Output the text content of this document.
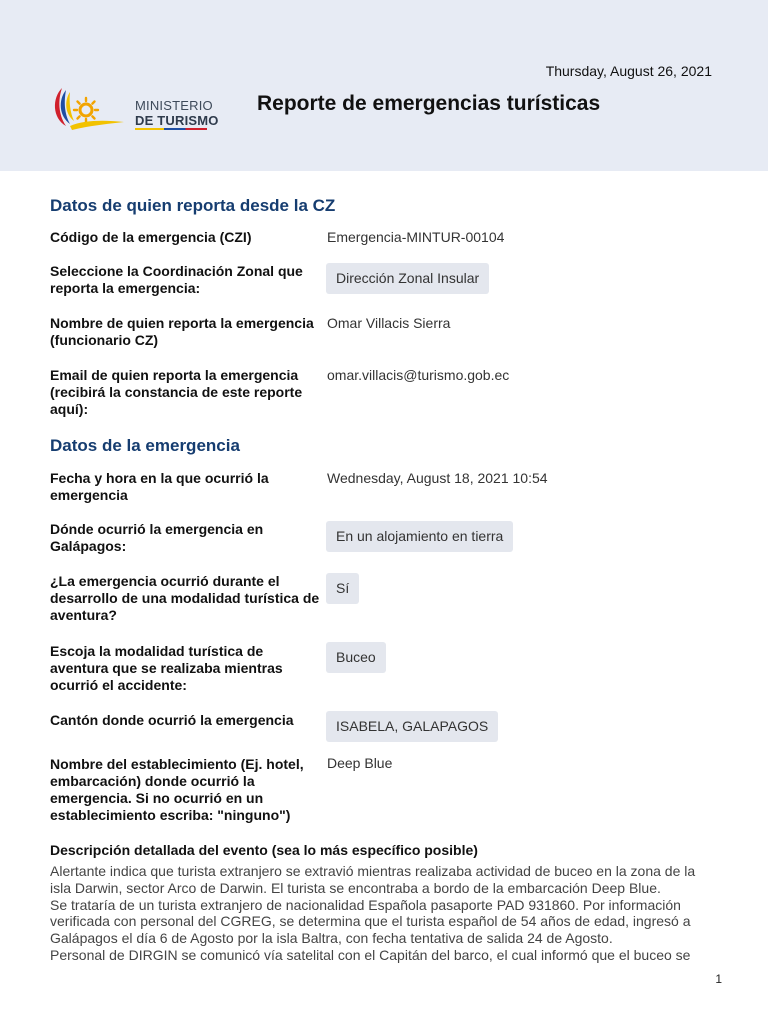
Thursday, August 26, 2021
MINISTERIO
DE TURISMO
Reporte de emergencias turísticas
Datos de quien reporta desde la CZ
Código de la emergencia (CZI)	Emergencia-MINTUR-00104
Seleccione la Coordinación Zonal que reporta la emergencia:
Dirección Zonal Insular
Nombre de quien reporta la emergencia (funcionario CZ)
Omar Villacis Sierra
Email de quien reporta la emergencia (recibirá la constancia de este reporte aquí):
omar.villacis@turismo.gob.ec
Datos de la emergencia
Fecha y hora en la que ocurrió la emergencia
Wednesday, August 18, 2021 10:54
Dónde ocurrió la emergencia en Galápagos:
En un alojamiento en tierra
¿La emergencia ocurrió durante el desarrollo de una modalidad turística de aventura?
Sí
Escoja la modalidad turística de aventura que se realizaba mientras ocurrió el accidente:
Buceo
Cantón donde ocurrió la emergencia	ISABELA, GALAPAGOS
Nombre del establecimiento (Ej. hotel, embarcación) donde ocurrió la emergencia. Si no ocurrió en un establecimiento escriba: "ninguno")
Deep Blue
Descripción detallada del evento (sea lo más específico posible)
Alertante indica que turista extranjero se extravió mientras realizaba actividad de buceo en la zona de la isla Darwin, sector Arco de Darwin. El turista se encontraba a bordo de la embarcación Deep Blue.
Se trataría de un turista extranjero de nacionalidad Española pasaporte PAD 931860. Por información verificada con personal del CGREG, se determina que el turista español de 54 años de edad, ingresó a Galápagos el día 6 de Agosto por la isla Baltra, con fecha tentativa de salida 24 de Agosto.
Personal de DIRGIN se comunicó vía satelital con el Capitán del barco, el cual informó que el buceo se
1
